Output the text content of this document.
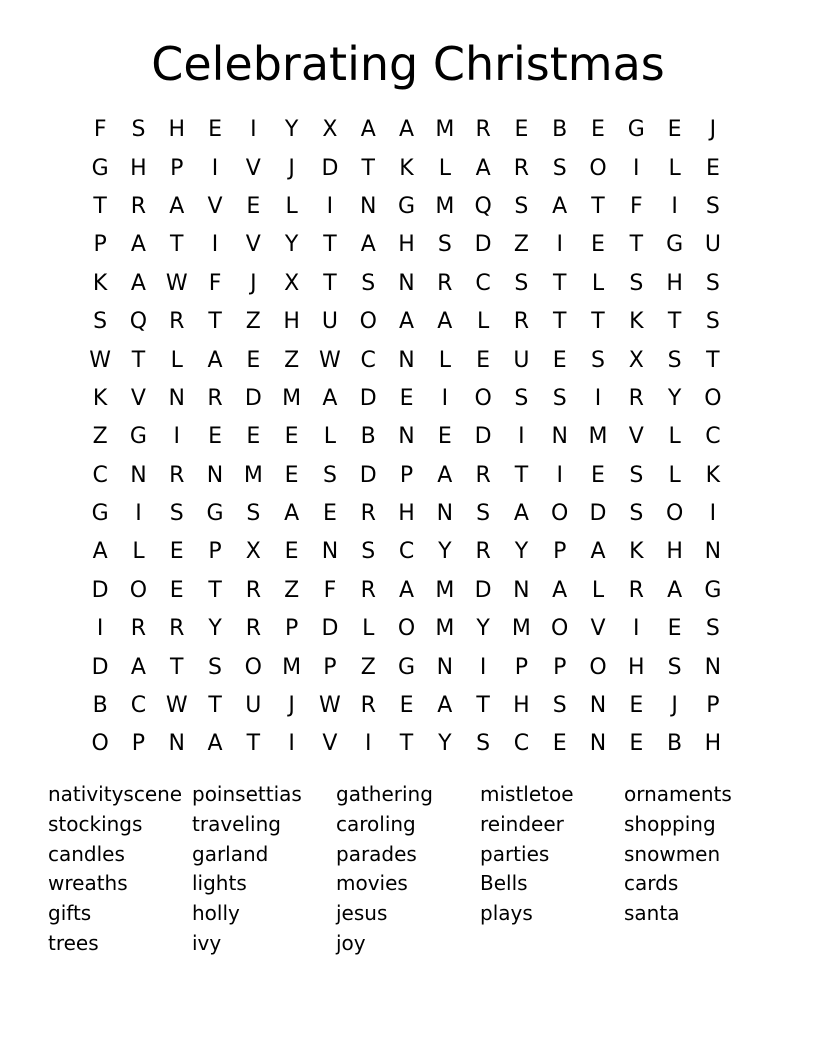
Celebrating Christmas
F	S	H	E	I	Y	X	A	A M R	E	B	E	G	E	J
G H	P	I	V	J	D	T	K	L	A	R	S	O	I	L	E
T	R	A	V	E	L	I	N G M Q	S	A	T	F	I	S
P	A	T	I	V	Y	T	A	H	S	D	Z	I	E	T	G U
K	A W F	J	X	T	S	N	R	C	S	T	L	S	H	S
S	Q R	T	Z	H U O	A	A	L	R	T	T	K	T	S
W T	L	A	E	Z W C	N	L	E	U	E	S	X	S	T
K	V	N	R	D M A	D	E	I	O	S	S	I	R	Y	O
Z	G	I	E	E	E	L	B	N	E	D	I	N M V	L	C
C	N	R	N M E	S	D	P	A	R	T	I	E	S	L	K
G	I	S	G	S	A	E	R	H N	S	A	O D	S	O	I
A	L	E	P	X	E	N	S	C	Y	R	Y	P	A	K	H N
D O	E	T	R	Z	F	R	A M D N	A	L	R	A	G
I	R	R	Y	R	P	D	L	O M	Y	M O	V	I	E	S
D	A	T	S	O M	P	Z	G N	I	P	P	O H	S	N
B	C W T	U	J	W R	E	A	T	H	S	N	E	J	P
O	P	N	A	T	I	V	I	T	Y	S	C	E	N	E	B	H
nativityscene
stockings
candles
wreaths
gifts
trees
poinsettias
traveling
garland
lights
holly
ivy
gathering
caroling
parades
movies
jesus
joy
mistletoe
reindeer
parties
Bells
plays
ornaments
shopping
snowmen
cards
santa
